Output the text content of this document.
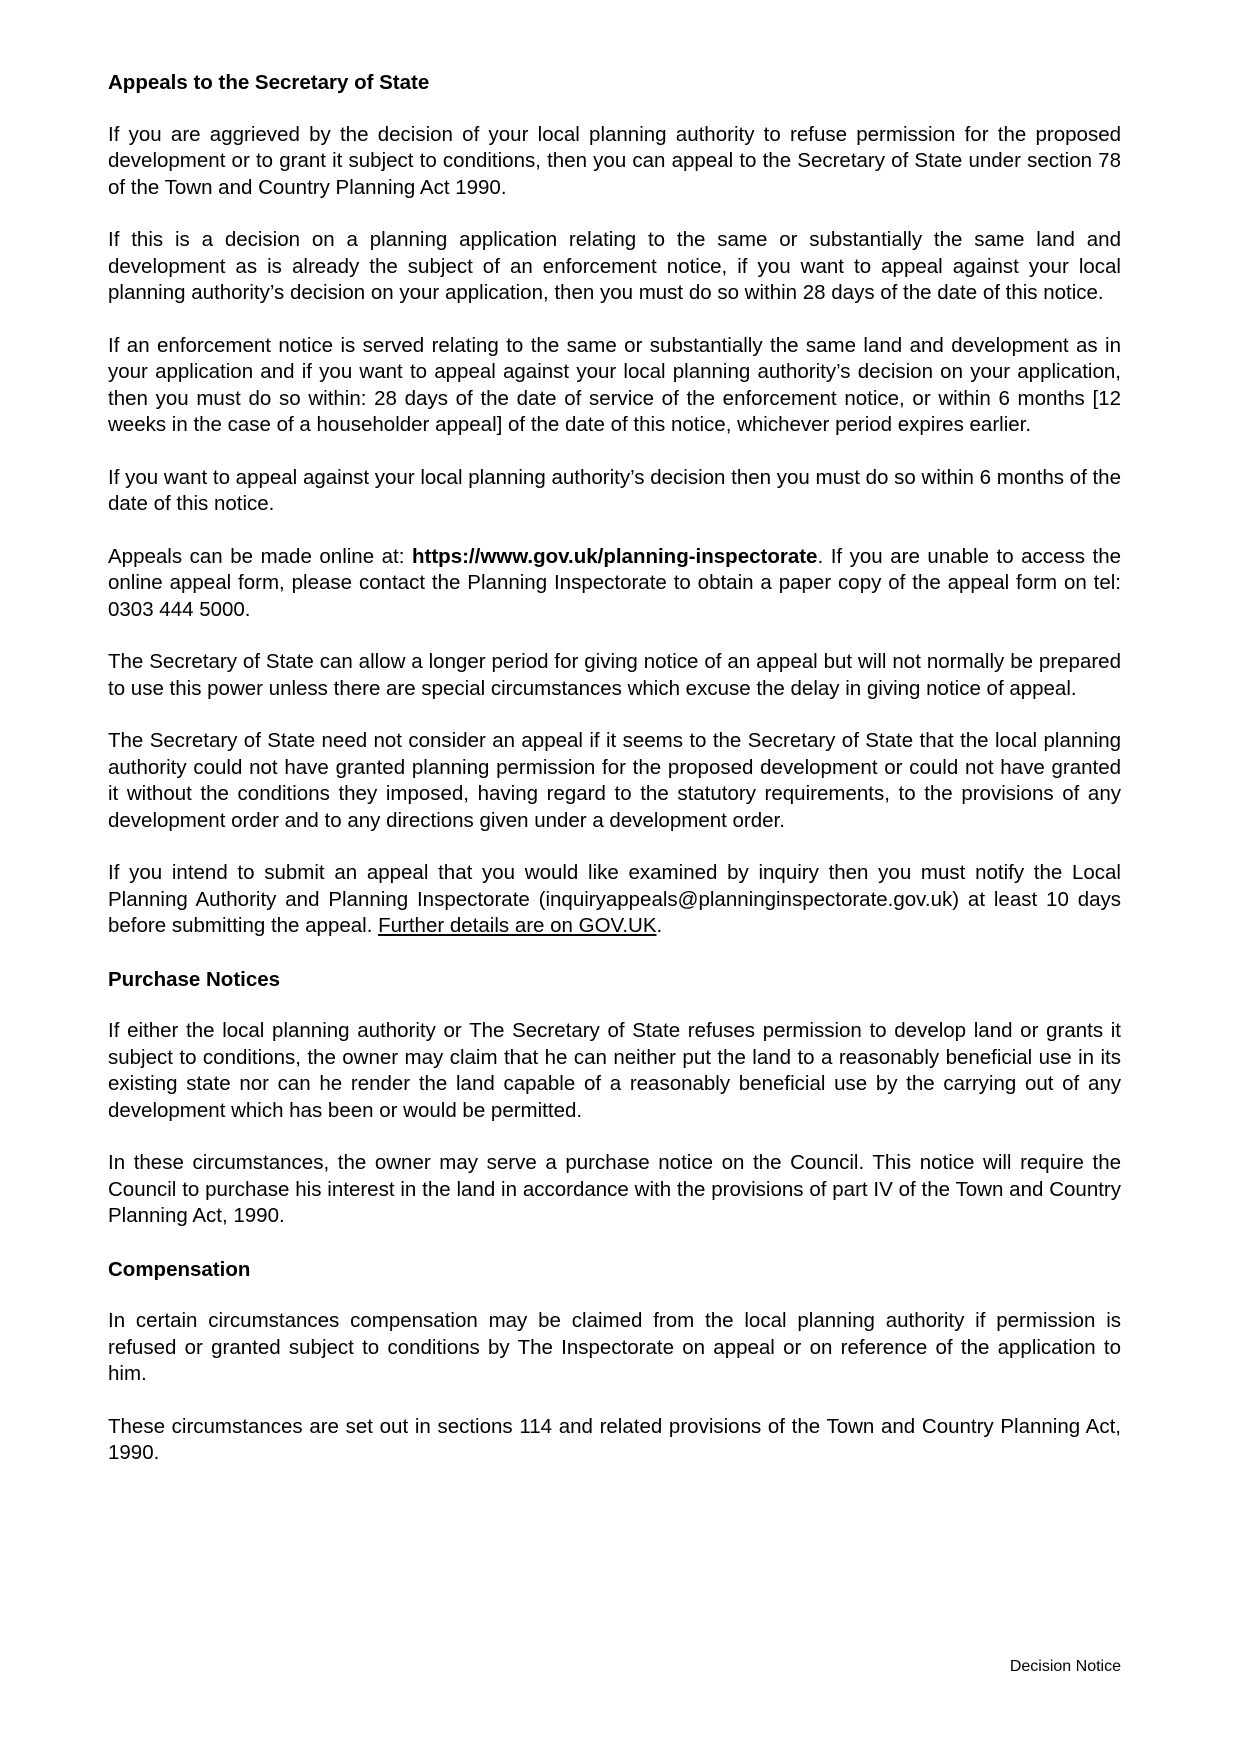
Appeals to the Secretary of State

If you are aggrieved by the decision of your local planning authority to refuse permission for the proposed development or to grant it subject to conditions, then you can appeal to the Secretary of State under section 78 of the Town and Country Planning Act 1990.

If this is a decision on a planning application relating to the same or substantially the same land and development as is already the subject of an enforcement notice, if you want to appeal against your local planning authority’s decision on your application, then you must do so within 28 days of the date of this notice.

If an enforcement notice is served relating to the same or substantially the same land and development as in your application and if you want to appeal against your local planning authority’s decision on your application, then you must do so within: 28 days of the date of service of the enforcement notice, or within 6 months [12 weeks in the case of a householder appeal] of the date of this notice, whichever period expires earlier.

If you want to appeal against your local planning authority’s decision then you must do so within 6 months of the date of this notice.

Appeals can be made online at: https://www.gov.uk/planning-inspectorate. If you are unable to access the online appeal form, please contact the Planning Inspectorate to obtain a paper copy of the appeal form on tel: 0303 444 5000.

The Secretary of State can allow a longer period for giving notice of an appeal but will not normally be prepared to use this power unless there are special circumstances which excuse the delay in giving notice of appeal.

The Secretary of State need not consider an appeal if it seems to the Secretary of State that the local planning authority could not have granted planning permission for the proposed development or could not have granted it without the conditions they imposed, having regard to the statutory requirements, to the provisions of any development order and to any directions given under a development order.

If you intend to submit an appeal that you would like examined by inquiry then you must notify the Local Planning Authority and Planning Inspectorate (inquiryappeals@planninginspectorate.gov.uk) at least 10 days before submitting the appeal. Further details are on GOV.UK.

Purchase Notices

If either the local planning authority or The Secretary of State refuses permission to develop land or grants it subject to conditions, the owner may claim that he can neither put the land to a reasonably beneficial use in its existing state nor can he render the land capable of a reasonably beneficial use by the carrying out of any development which has been or would be permitted.

In these circumstances, the owner may serve a purchase notice on the Council. This notice will require the Council to purchase his interest in the land in accordance with the provisions of part IV of the Town and Country Planning Act, 1990.

Compensation

In certain circumstances compensation may be claimed from the local planning authority if permission is refused or granted subject to conditions by The Inspectorate on appeal or on reference of the application to him.

These circumstances are set out in sections 114 and related provisions of the Town and Country Planning Act, 1990.

Decision Notice
